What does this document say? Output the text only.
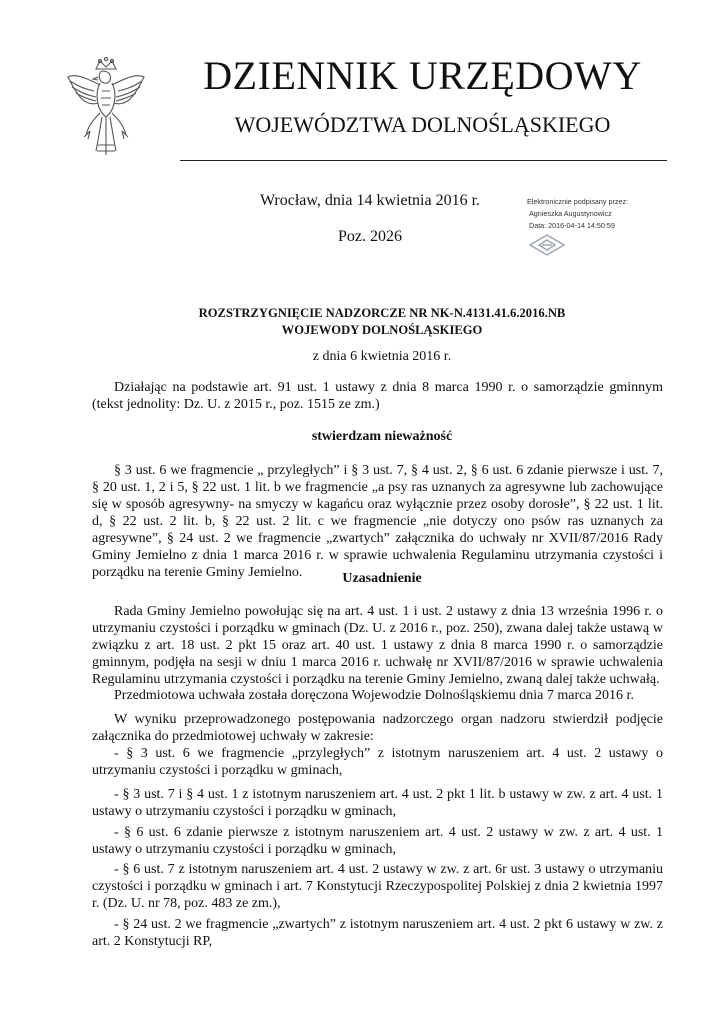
DZIENNIK URZĘDOWY
WOJEWÓDZTWA DOLNOŚLĄSKIEGO
Wrocław, dnia 14 kwietnia 2016 r.
Poz. 2026
Elektronicznie podpisany przez:
Agnieszka Augustynowicz
Data: 2016-04-14 14:50:59
ROZSTRZYGNIĘCIE NADZORCZE NR NK-N.4131.41.6.2016.NB
WOJEWODY DOLNOŚLĄSKIEGO
z dnia 6 kwietnia 2016 r.
Działając na podstawie art. 91 ust. 1 ustawy z dnia 8 marca 1990 r. o samorządzie gminnym (tekst jednolity: Dz. U. z 2015 r., poz. 1515 ze zm.)
stwierdzam nieważność
§ 3 ust. 6 we fragmencie „ przyległych” i § 3 ust. 7, § 4 ust. 2, § 6 ust. 6 zdanie pierwsze i ust. 7, § 20 ust. 1, 2 i 5, § 22 ust. 1 lit. b we fragmencie „a psy ras uznanych za agresywne lub zachowujące się w sposób agresywny- na smyczy w kagańcu oraz wyłącznie przez osoby dorosłe”, § 22 ust. 1 lit. d, § 22 ust. 2 lit. b, § 22 ust. 2 lit. c we fragmencie „nie dotyczy ono psów ras uznanych za agresywne”, § 24 ust. 2 we fragmencie „zwartych” załącznika do uchwały nr XVII/87/2016 Rady Gminy Jemielno z dnia 1 marca 2016 r. w sprawie uchwalenia Regulaminu utrzymania czystości i porządku na terenie Gminy Jemielno.	Uzasadnienie
Rada Gminy Jemielno powołując się na art. 4 ust. 1 i ust. 2 ustawy z dnia 13 września 1996 r. o utrzymaniu czystości i porządku w gminach (Dz. U. z 2016 r., poz. 250), zwana dalej także ustawą w związku z art. 18 ust. 2 pkt 15 oraz art. 40 ust. 1 ustawy z dnia 8 marca 1990 r. o samorządzie gminnym, podjęła na sesji w dniu 1 marca 2016 r. uchwałę nr XVII/87/2016 w sprawie uchwalenia Regulaminu utrzymania czystości i porządku na terenie Gminy Jemielno, zwaną dalej także uchwałą.
Przedmiotowa uchwała została doręczona Wojewodzie Dolnośląskiemu dnia 7 marca 2016 r.
W wyniku przeprowadzonego postępowania nadzorczego organ nadzoru stwierdził podjęcie załącznika do przedmiotowej uchwały w zakresie:
- § 3 ust. 6 we fragmencie „przyległych” z istotnym naruszeniem art. 4 ust. 2 ustawy o utrzymaniu czystości i porządku w gminach,
- § 3 ust. 7 i § 4 ust. 1 z istotnym naruszeniem art. 4 ust. 2 pkt 1 lit. b ustawy w zw. z art. 4 ust. 1 ustawy o utrzymaniu czystości i porządku w gminach,
- § 6 ust. 6 zdanie pierwsze z istotnym naruszeniem art. 4 ust. 2 ustawy w zw. z art. 4 ust. 1 ustawy o utrzymaniu czystości i porządku w gminach,
- § 6 ust. 7 z istotnym naruszeniem art. 4 ust. 2 ustawy w zw. z art. 6r ust. 3 ustawy o utrzymaniu czystości i porządku w gminach i art. 7 Konstytucji Rzeczypospolitej Polskiej z dnia 2 kwietnia 1997 r. (Dz. U. nr 78, poz. 483 ze zm.),
- § 24 ust. 2 we fragmencie „zwartych” z istotnym naruszeniem art. 4 ust. 2 pkt 6 ustawy w zw. z art. 2 Konstytucji RP,
